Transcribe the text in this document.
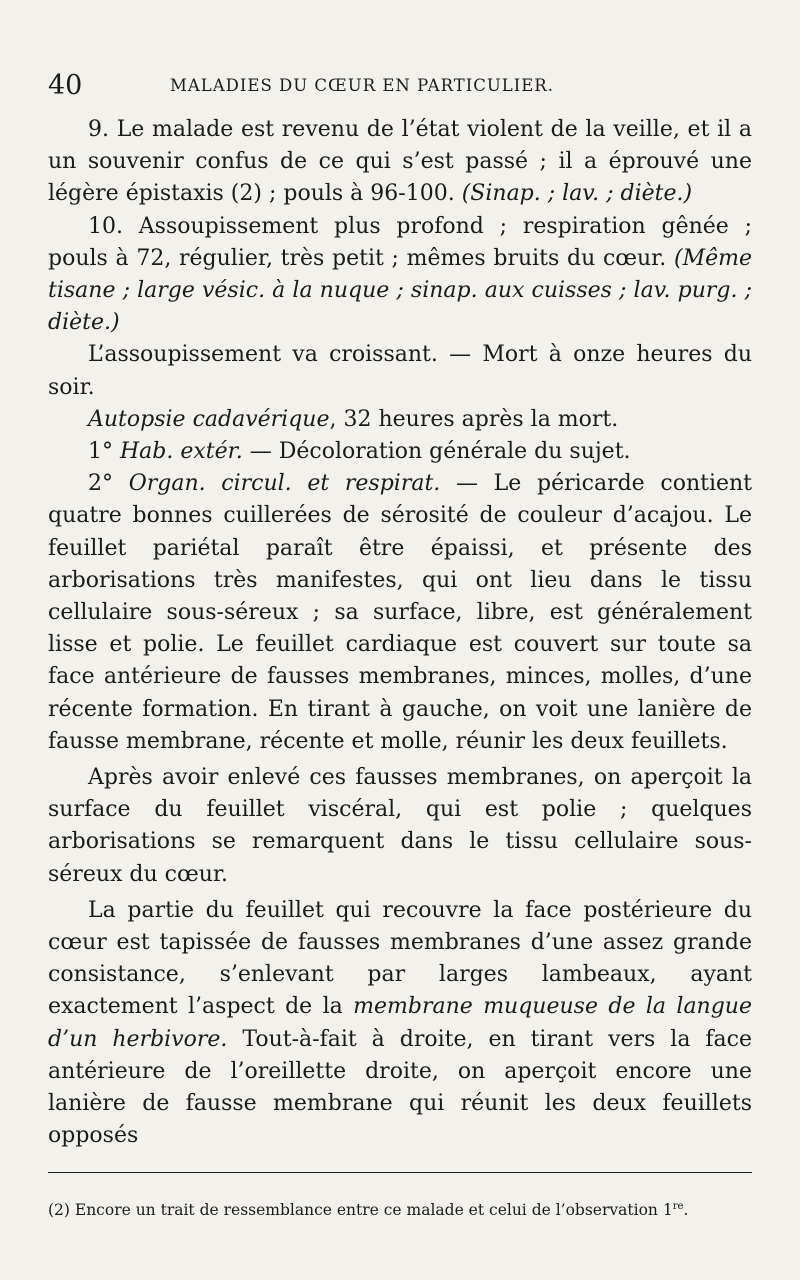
40	MALADIES DU CŒUR EN PARTICULIER.

9. Le malade est revenu de l’état violent de la veille, et il a un souvenir confus de ce qui s’est passé ; il a éprouvé une légère épistaxis (2) ; pouls à 96-100. (Sinap. ; lav. ; diète.)

10. Assoupissement plus profond ; respiration gênée ; pouls à 72, régulier, très petit ; mêmes bruits du cœur. (Même tisane ; large vésic. à la nuque ; sinap. aux cuisses ; lav. purg. ; diète.)

L’assoupissement va croissant. — Mort à onze heures du soir.

Autopsie cadavérique, 32 heures après la mort.

1° Hab. extér. — Décoloration générale du sujet.

2° Organ. circul. et respirat. — Le péricarde contient quatre bonnes cuillerées de sérosité de couleur d’acajou. Le feuillet pariétal paraît être épaissi, et présente des arborisations très manifestes, qui ont lieu dans le tissu cellulaire sous-séreux ; sa surface, libre, est généralement lisse et polie. Le feuillet cardiaque est couvert sur toute sa face antérieure de fausses membranes, minces, molles, d’une récente formation. En tirant à gauche, on voit une lanière de fausse membrane, récente et molle, réunir les deux feuillets.

Après avoir enlevé ces fausses membranes, on aperçoit la surface du feuillet viscéral, qui est polie ; quelques arborisations se remarquent dans le tissu cellulaire sous-séreux du cœur.

La partie du feuillet qui recouvre la face postérieure du cœur est tapissée de fausses membranes d’une assez grande consistance, s’enlevant par larges lambeaux, ayant exactement l’aspect de la membrane muqueuse de la langue d’un herbivore. Tout-à-fait à droite, en tirant vers la face antérieure de l’oreillette droite, on aperçoit encore une lanière de fausse membrane qui réunit les deux feuillets opposés

(2) Encore un trait de ressemblance entre ce malade et celui de l’observation 1re.
